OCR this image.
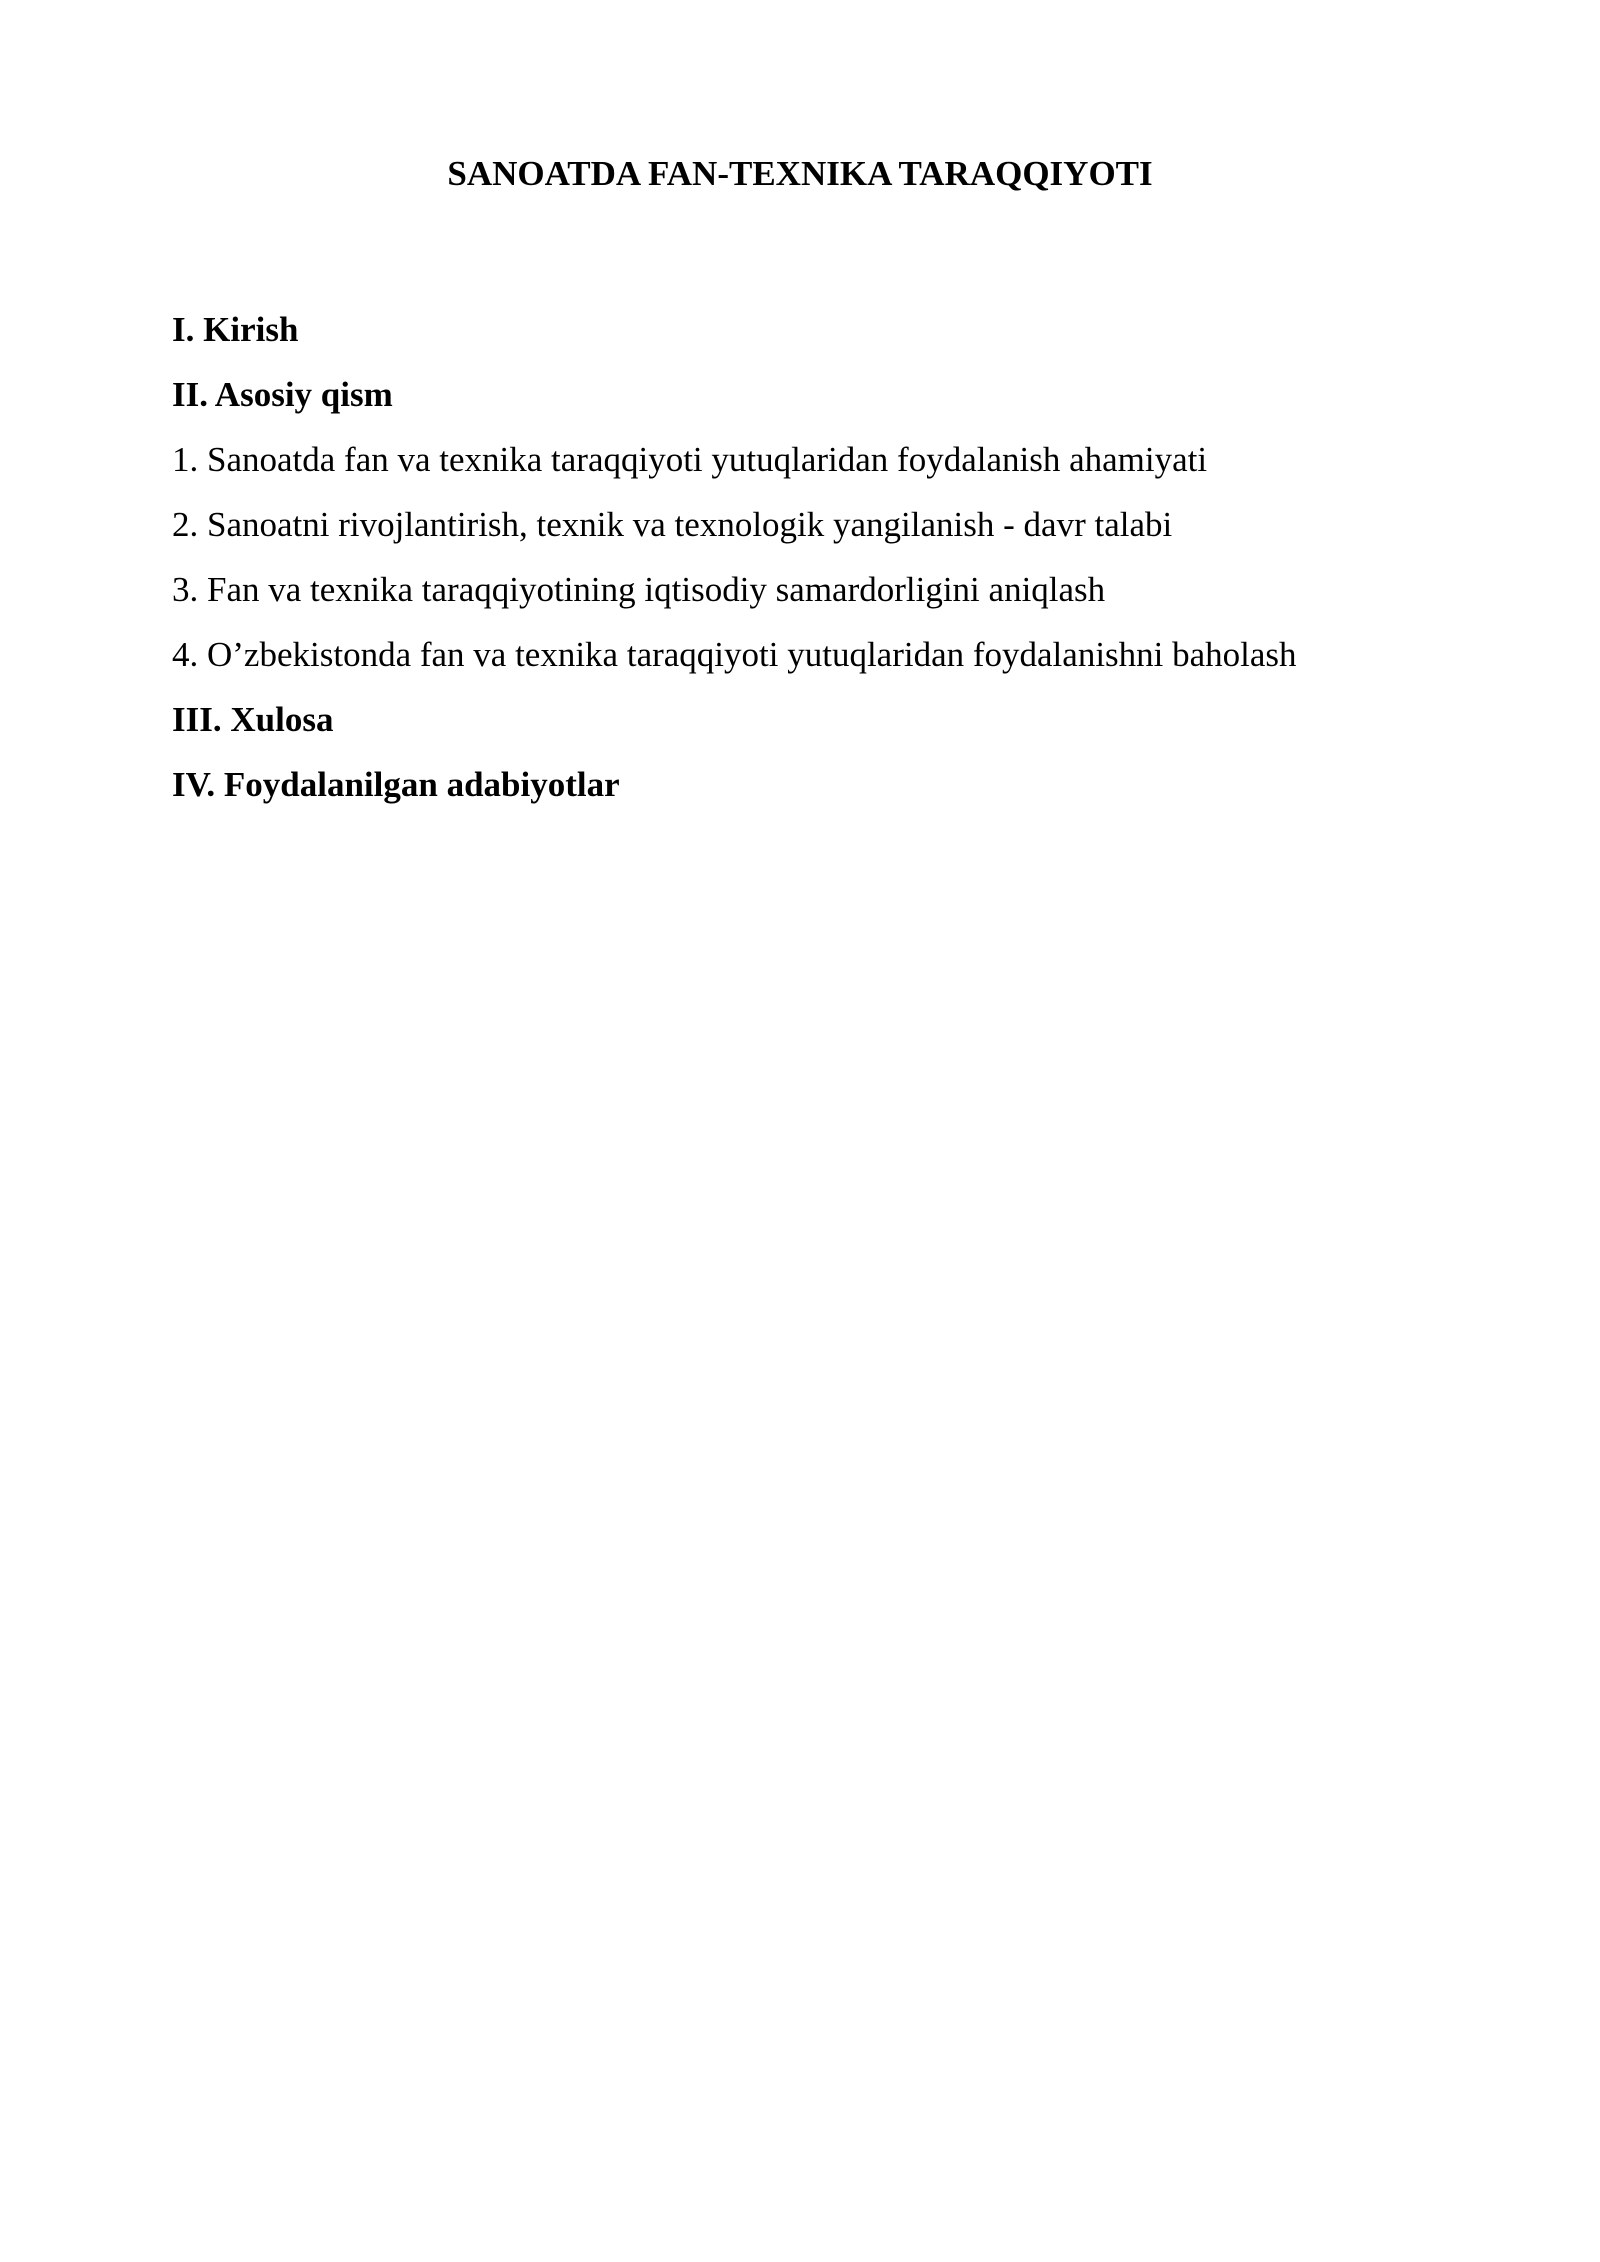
SANOATDA FAN-TEXNIKA TARAQQIYOTI
I. Kirish
II. Asosiy qism
1. Sanoatda fan va texnika taraqqiyoti yutuqlaridan foydalanish ahamiyati
2. Sanoatni rivojlantirish, texnik va texnologik yangilanish - davr talabi
3. Fan va texnika taraqqiyotining iqtisodiy samardorligini aniqlash
4. O’zbekistonda fan va texnika taraqqiyoti yutuqlaridan foydalanishni baholash
III. Xulosa
IV. Foydalanilgan adabiyotlar
